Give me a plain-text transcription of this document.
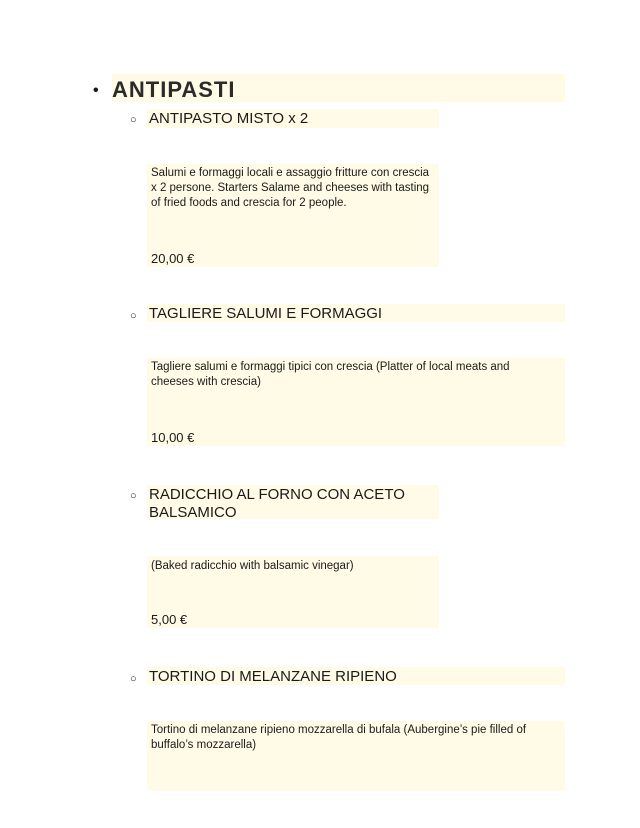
• ANTIPASTI
○ ANTIPASTO MISTO x 2
Salumi e formaggi locali e assaggio fritture con crescia x 2 persone. Starters Salame and cheeses with tasting of fried foods and crescia for 2 people.
20,00 €
○ TAGLIERE SALUMI E FORMAGGI
Tagliere salumi e formaggi tipici con crescia (Platter of local meats and cheeses with crescia)
10,00 €
○ RADICCHIO AL FORNO CON ACETO BALSAMICO
(Baked radicchio with balsamic vinegar)
5,00 €
○ TORTINO DI MELANZANE RIPIENO
Tortino di melanzane ripieno mozzarella di bufala (Aubergine’s pie filled of buffalo’s mozzarella)
